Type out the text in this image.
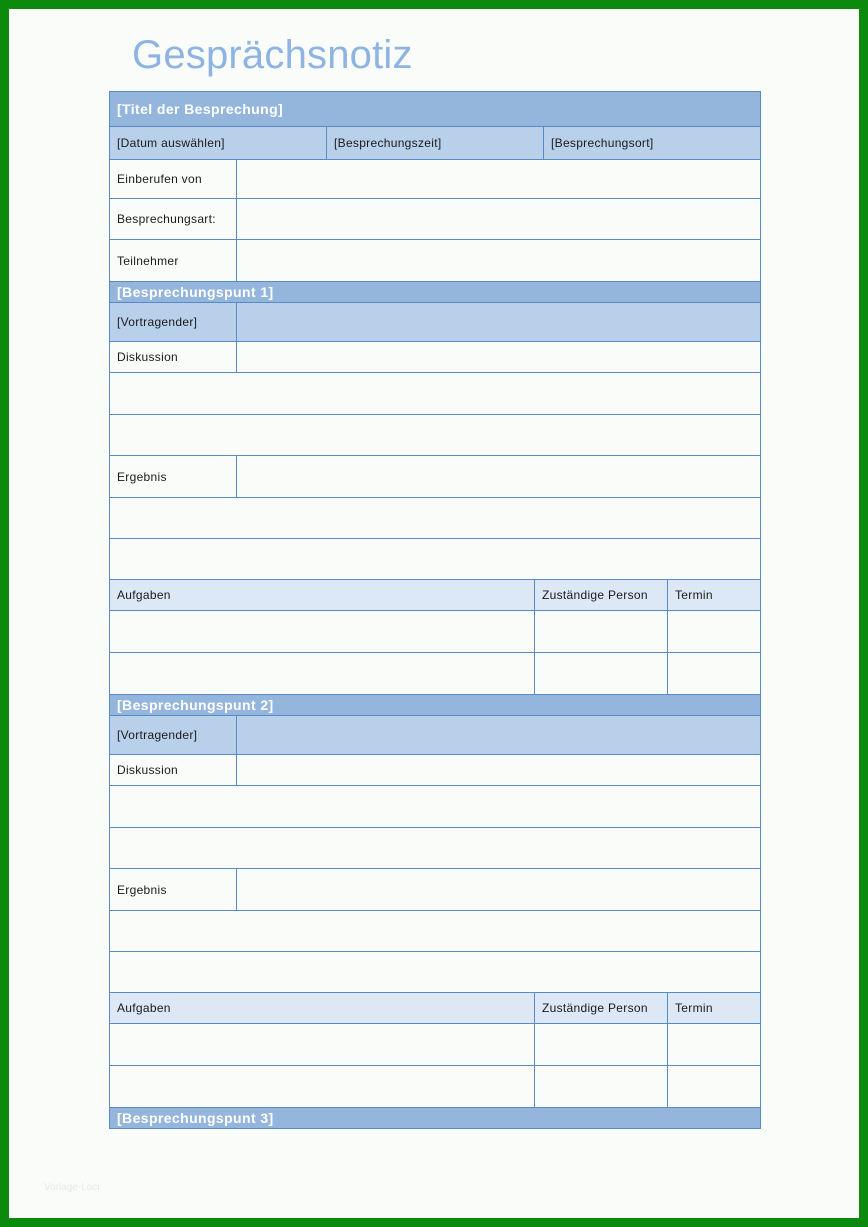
Gesprächsnotiz
[Titel der Besprechung]
[Datum auswählen]	[Besprechungszeit]	[Besprechungsort]
Einberufen von
Besprechungsart:
Teilnehmer
[Besprechungspunt 1]
[Vortragender]
Diskussion
Ergebnis
Aufgaben	Zuständige Person	Termin
[Besprechungspunt 2]
[Vortragender]
Diskussion
Ergebnis
Aufgaben	Zuständige Person	Termin
[Besprechungspunt 3]
Vorlage-Loci
